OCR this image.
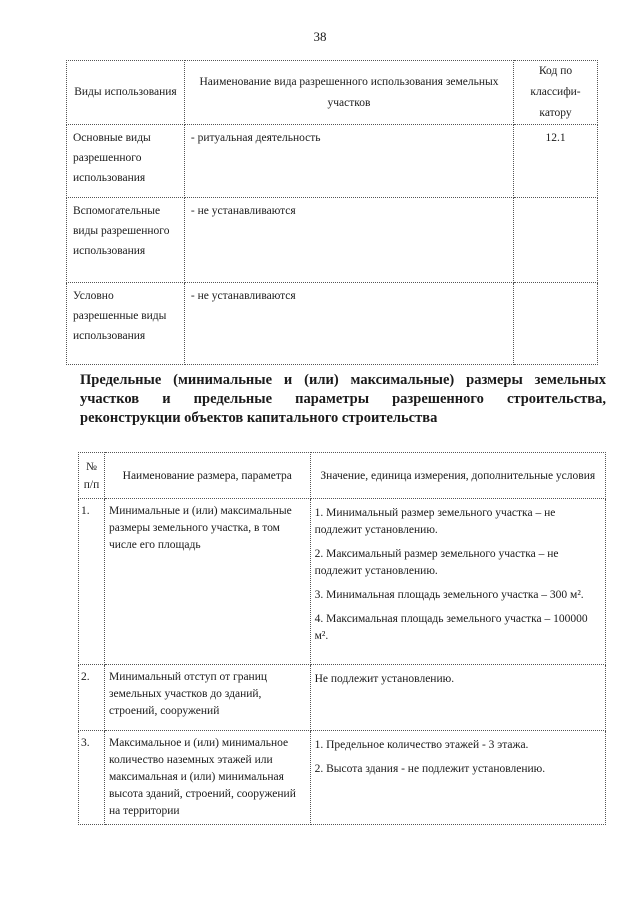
38
Виды использования	Наименование вида разрешенного использования земельных участков	Код по классифи-катору
Основные виды разрешенного использования	- ритуальная деятельность	12.1
Вспомогательные виды разрешенного использования	- не устанавливаются	
Условно разрешенные виды использования	- не устанавливаются	
Предельные (минимальные и (или) максимальные) размеры земельных участков и предельные параметры разрешенного строительства, реконструкции объектов капитального строительства
№ п/п	Наименование размера, параметра	Значение, единица измерения, дополнительные условия
1.	Минимальные и (или) максимальные размеры земельного участка, в том числе его площадь	1. Минимальный размер земельного участка – не подлежит установлению.
2. Максимальный размер земельного участка – не подлежит установлению.
3. Минимальная площадь земельного участка – 300 м².
4. Максимальная площадь земельного участка – 100000 м².

2.	Минимальный отступ от границ земельных участков до зданий, строений, сооружений	Не подлежит установлению.

3.	Максимальное и (или) минимальное количество наземных этажей или максимальная и (или) минимальная высота зданий, строений, сооружений на территории	1. Предельное количество этажей - 3 этажа.
2. Высота здания - не подлежит установлению.
